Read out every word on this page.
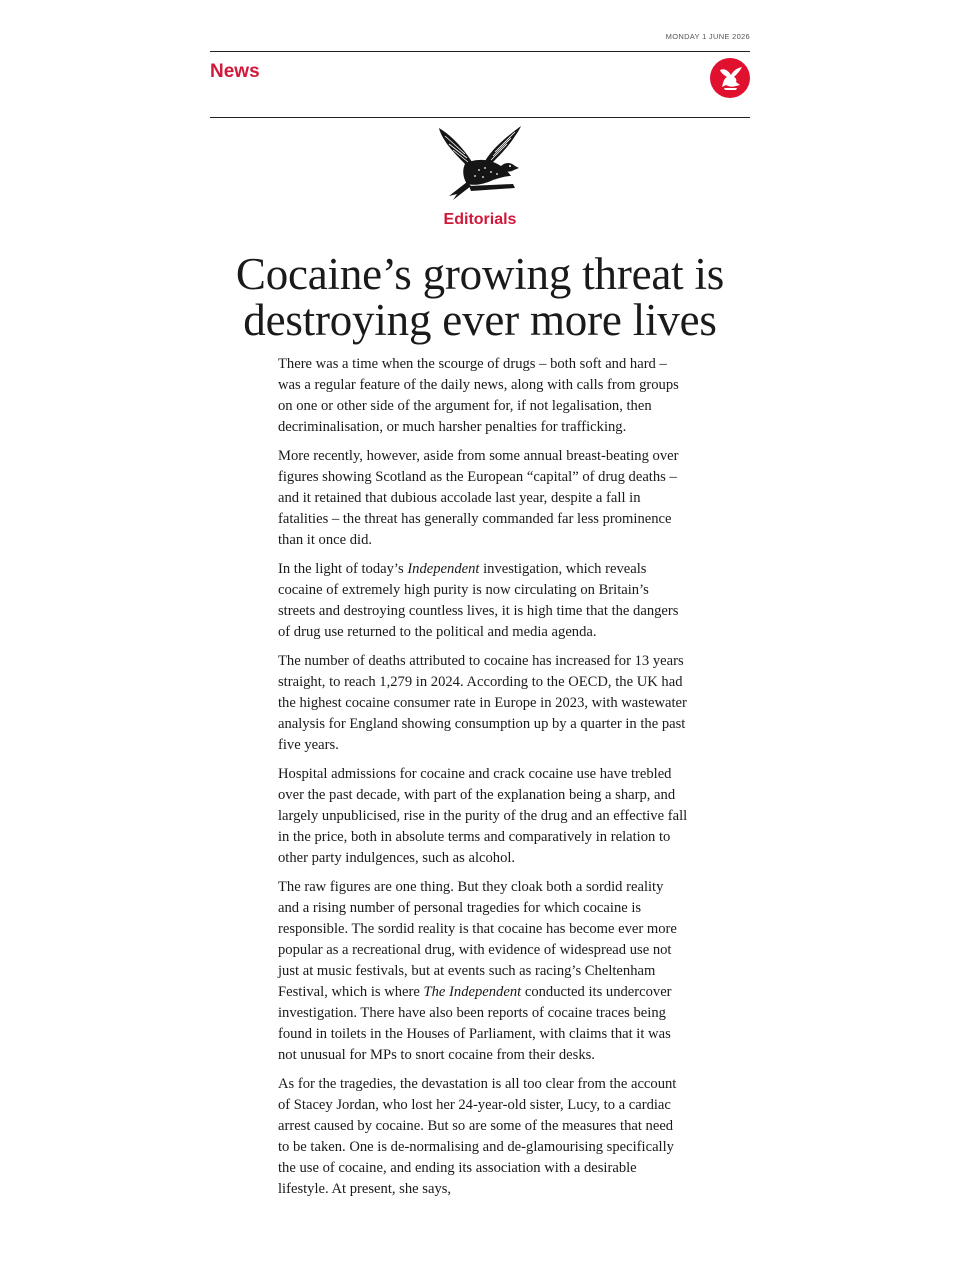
MONDAY 1 JUNE 2026
News
Editorials
Cocaine’s growing threat is destroying ever more lives

There was a time when the scourge of drugs – both soft and hard – was a regular feature of the daily news, along with calls from groups on one or other side of the argument for, if not legalisation, then decriminalisation, or much harsher penalties for trafficking.

More recently, however, aside from some annual breast-beating over figures showing Scotland as the European “capital” of drug deaths – and it retained that dubious accolade last year, despite a fall in fatalities – the threat has generally commanded far less prominence than it once did.

In the light of today’s Independent investigation, which reveals cocaine of extremely high purity is now circulating on Britain’s streets and destroying countless lives, it is high time that the dangers of drug use returned to the political and media agenda.

The number of deaths attributed to cocaine has increased for 13 years straight, to reach 1,279 in 2024. According to the OECD, the UK had the highest cocaine consumer rate in Europe in 2023, with wastewater analysis for England showing consumption up by a quarter in the past five years.

Hospital admissions for cocaine and crack cocaine use have trebled over the past decade, with part of the explanation being a sharp, and largely unpublicised, rise in the purity of the drug and an effective fall in the price, both in absolute terms and comparatively in relation to other party indulgences, such as alcohol.

The raw figures are one thing. But they cloak both a sordid reality and a rising number of personal tragedies for which cocaine is responsible. The sordid reality is that cocaine has become ever more popular as a recreational drug, with evidence of widespread use not just at music festivals, but at events such as racing’s Cheltenham Festival, which is where The Independent conducted its undercover investigation. There have also been reports of cocaine traces being found in toilets in the Houses of Parliament, with claims that it was not unusual for MPs to snort cocaine from their desks.

As for the tragedies, the devastation is all too clear from the account of Stacey Jordan, who lost her 24-year-old sister, Lucy, to a cardiac arrest caused by cocaine. But so are some of the measures that need to be taken. One is de-normalising and de-glamourising specifically the use of cocaine, and ending its association with a desirable lifestyle. At present, she says,
